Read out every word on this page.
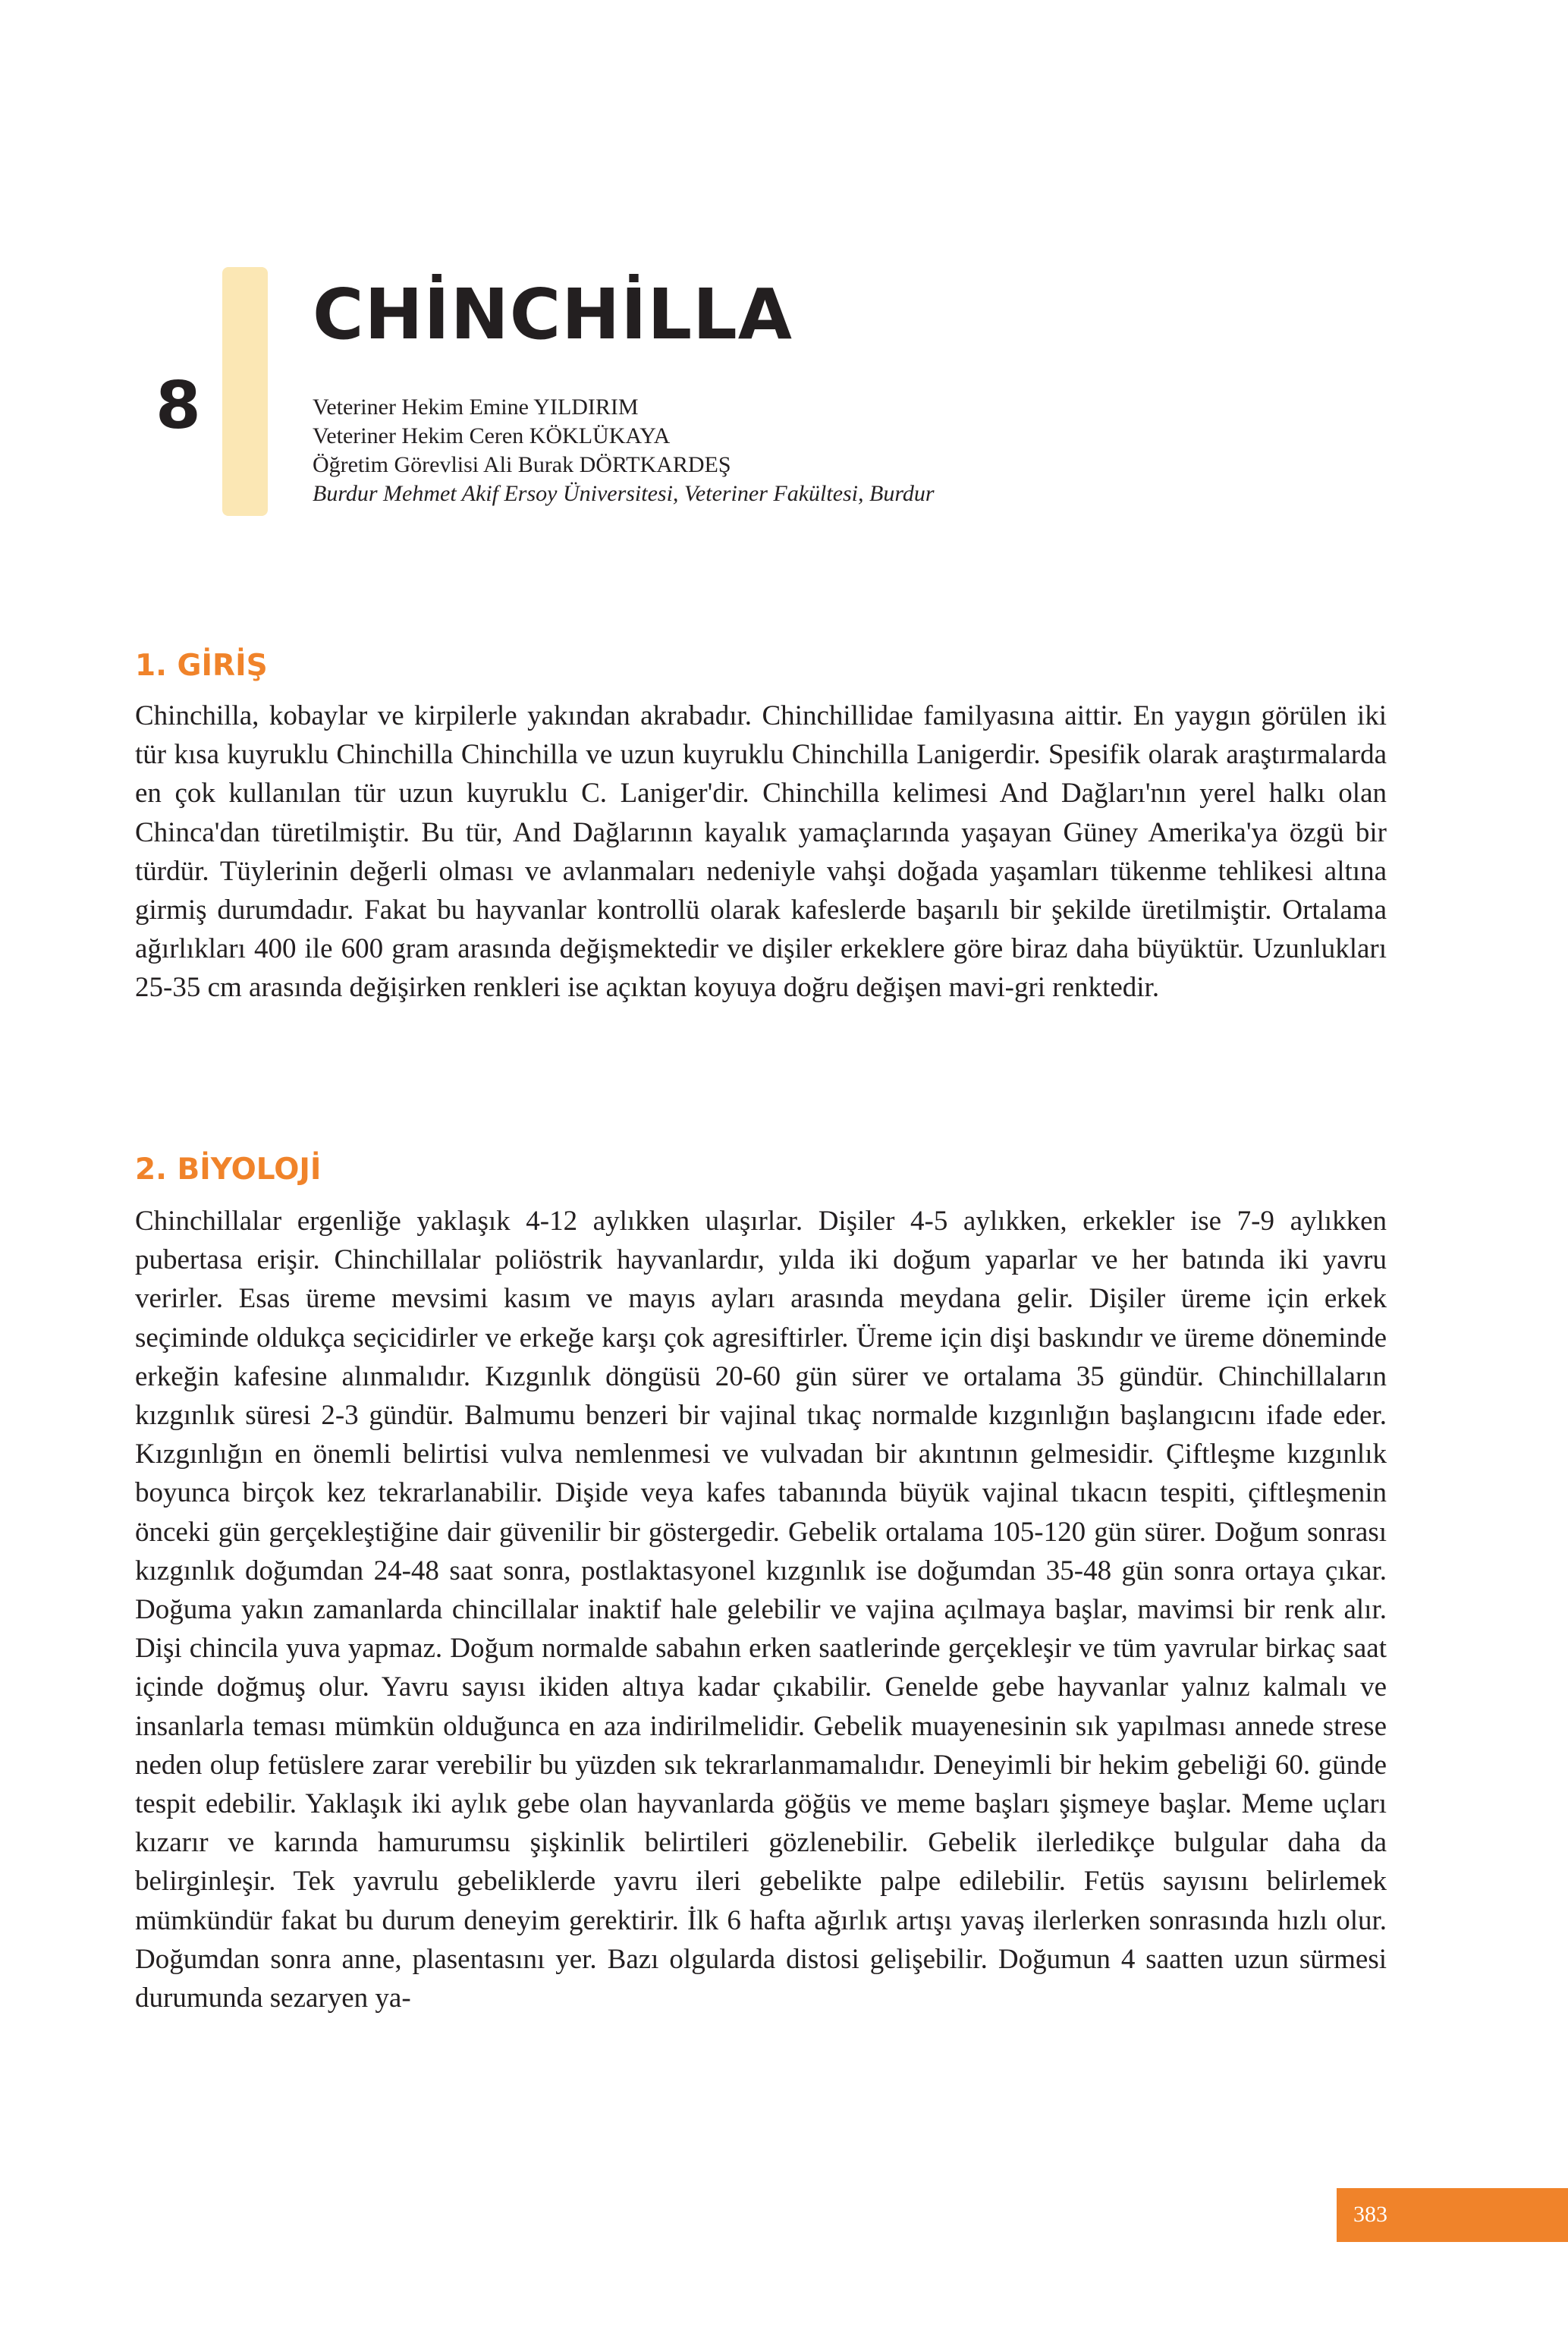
8
CHİNCHİLLA
Veteriner Hekim Emine YILDIRIM
Veteriner Hekim Ceren KÖKLÜKAYA
Öğretim Görevlisi Ali Burak DÖRTKARDEŞ
Burdur Mehmet Akif Ersoy Üniversitesi, Veteriner Fakültesi, Burdur
1. GİRİŞ

Chinchilla, kobaylar ve kirpilerle yakından akrabadır. Chinchillidae familyasına aittir. En yaygın görülen iki tür kısa kuyruklu Chinchilla Chinchilla ve uzun kuyruklu Chinchilla Lanigerdir. Spesifik olarak araştırmalarda en çok kullanılan tür uzun kuyruklu C. Laniger'dir. Chinchilla kelimesi And Dağları'nın yerel halkı olan Chinca'dan türetilmiştir. Bu tür, And Dağlarının kayalık yamaçlarında yaşayan Güney Amerika'ya özgü bir türdür. Tüylerinin değerli olması ve avlanmaları nedeniyle vahşi doğada yaşamları tükenme tehlikesi altına girmiş durumdadır. Fakat bu hayvanlar kontrollü olarak kafeslerde başarılı bir şekilde üretilmiştir. Ortalama ağırlıkları 400 ile 600 gram arasında değişmektedir ve dişiler erkeklere göre biraz daha büyüktür. Uzunlukları 25-35 cm arasında değişirken renkleri ise açıktan koyuya doğru değişen mavi-gri renktedir.

2. BİYOLOJİ

Chinchillalar ergenliğe yaklaşık 4-12 aylıkken ulaşırlar. Dişiler 4-5 aylıkken, erkekler ise 7-9 aylıkken pubertasa erişir. Chinchillalar poliöstrik hayvanlardır, yılda iki doğum yaparlar ve her batında iki yavru verirler. Esas üreme mevsimi kasım ve mayıs ayları arasında meydana gelir. Dişiler üreme için erkek seçiminde oldukça seçicidirler ve erkeğe karşı çok agresiftirler. Üreme için dişi baskındır ve üreme döneminde erkeğin kafesine alınmalıdır. Kızgınlık döngüsü 20-60 gün sürer ve ortalama 35 gündür. Chinchillaların kızgınlık süresi 2-3 gündür. Balmumu benzeri bir vajinal tıkaç normalde kızgınlığın başlangıcını ifade eder. Kızgınlığın en önemli belirtisi vulva nemlenmesi ve vulvadan bir akıntının gelmesidir. Çiftleşme kızgınlık boyunca birçok kez tekrarlanabilir. Dişide veya kafes tabanında büyük vajinal tıkacın tespiti, çiftleşmenin önceki gün gerçekleştiğine dair güvenilir bir göstergedir. Gebelik ortalama 105-120 gün sürer. Doğum sonrası kızgınlık doğumdan 24-48 saat sonra, postlaktasyonel kızgınlık ise doğumdan 35-48 gün sonra ortaya çıkar. Doğuma yakın zamanlarda chincillalar inaktif hale gelebilir ve vajina açılmaya başlar, mavimsi bir renk alır. Dişi chincila yuva yapmaz. Doğum normalde sabahın erken saatlerinde gerçekleşir ve tüm yavrular birkaç saat içinde doğmuş olur. Yavru sayısı ikiden altıya kadar çıkabilir. Genelde gebe hayvanlar yalnız kalmalı ve insanlarla teması mümkün olduğunca en aza indirilmelidir. Gebelik muayenesinin sık yapılması annede strese neden olup fetüslere zarar verebilir bu yüzden sık tekrarlanmamalıdır. Deneyimli bir hekim gebeliği 60. günde tespit edebilir. Yaklaşık iki aylık gebe olan hayvanlarda göğüs ve meme başları şişmeye başlar. Meme uçları kızarır ve karında hamurumsu şişkinlik belirtileri gözlenebilir. Gebelik ilerledikçe bulgular daha da belirginleşir. Tek yavrulu gebeliklerde yavru ileri gebelikte palpe edilebilir. Fetüs sayısını belirlemek mümkündür fakat bu durum deneyim gerektirir. İlk 6 hafta ağırlık artışı yavaş ilerlerken sonrasında hızlı olur. Doğumdan sonra anne, plasentasını yer. Bazı olgularda distosi gelişebilir. Doğumun 4 saatten uzun sürmesi durumunda sezaryen ya-

383
